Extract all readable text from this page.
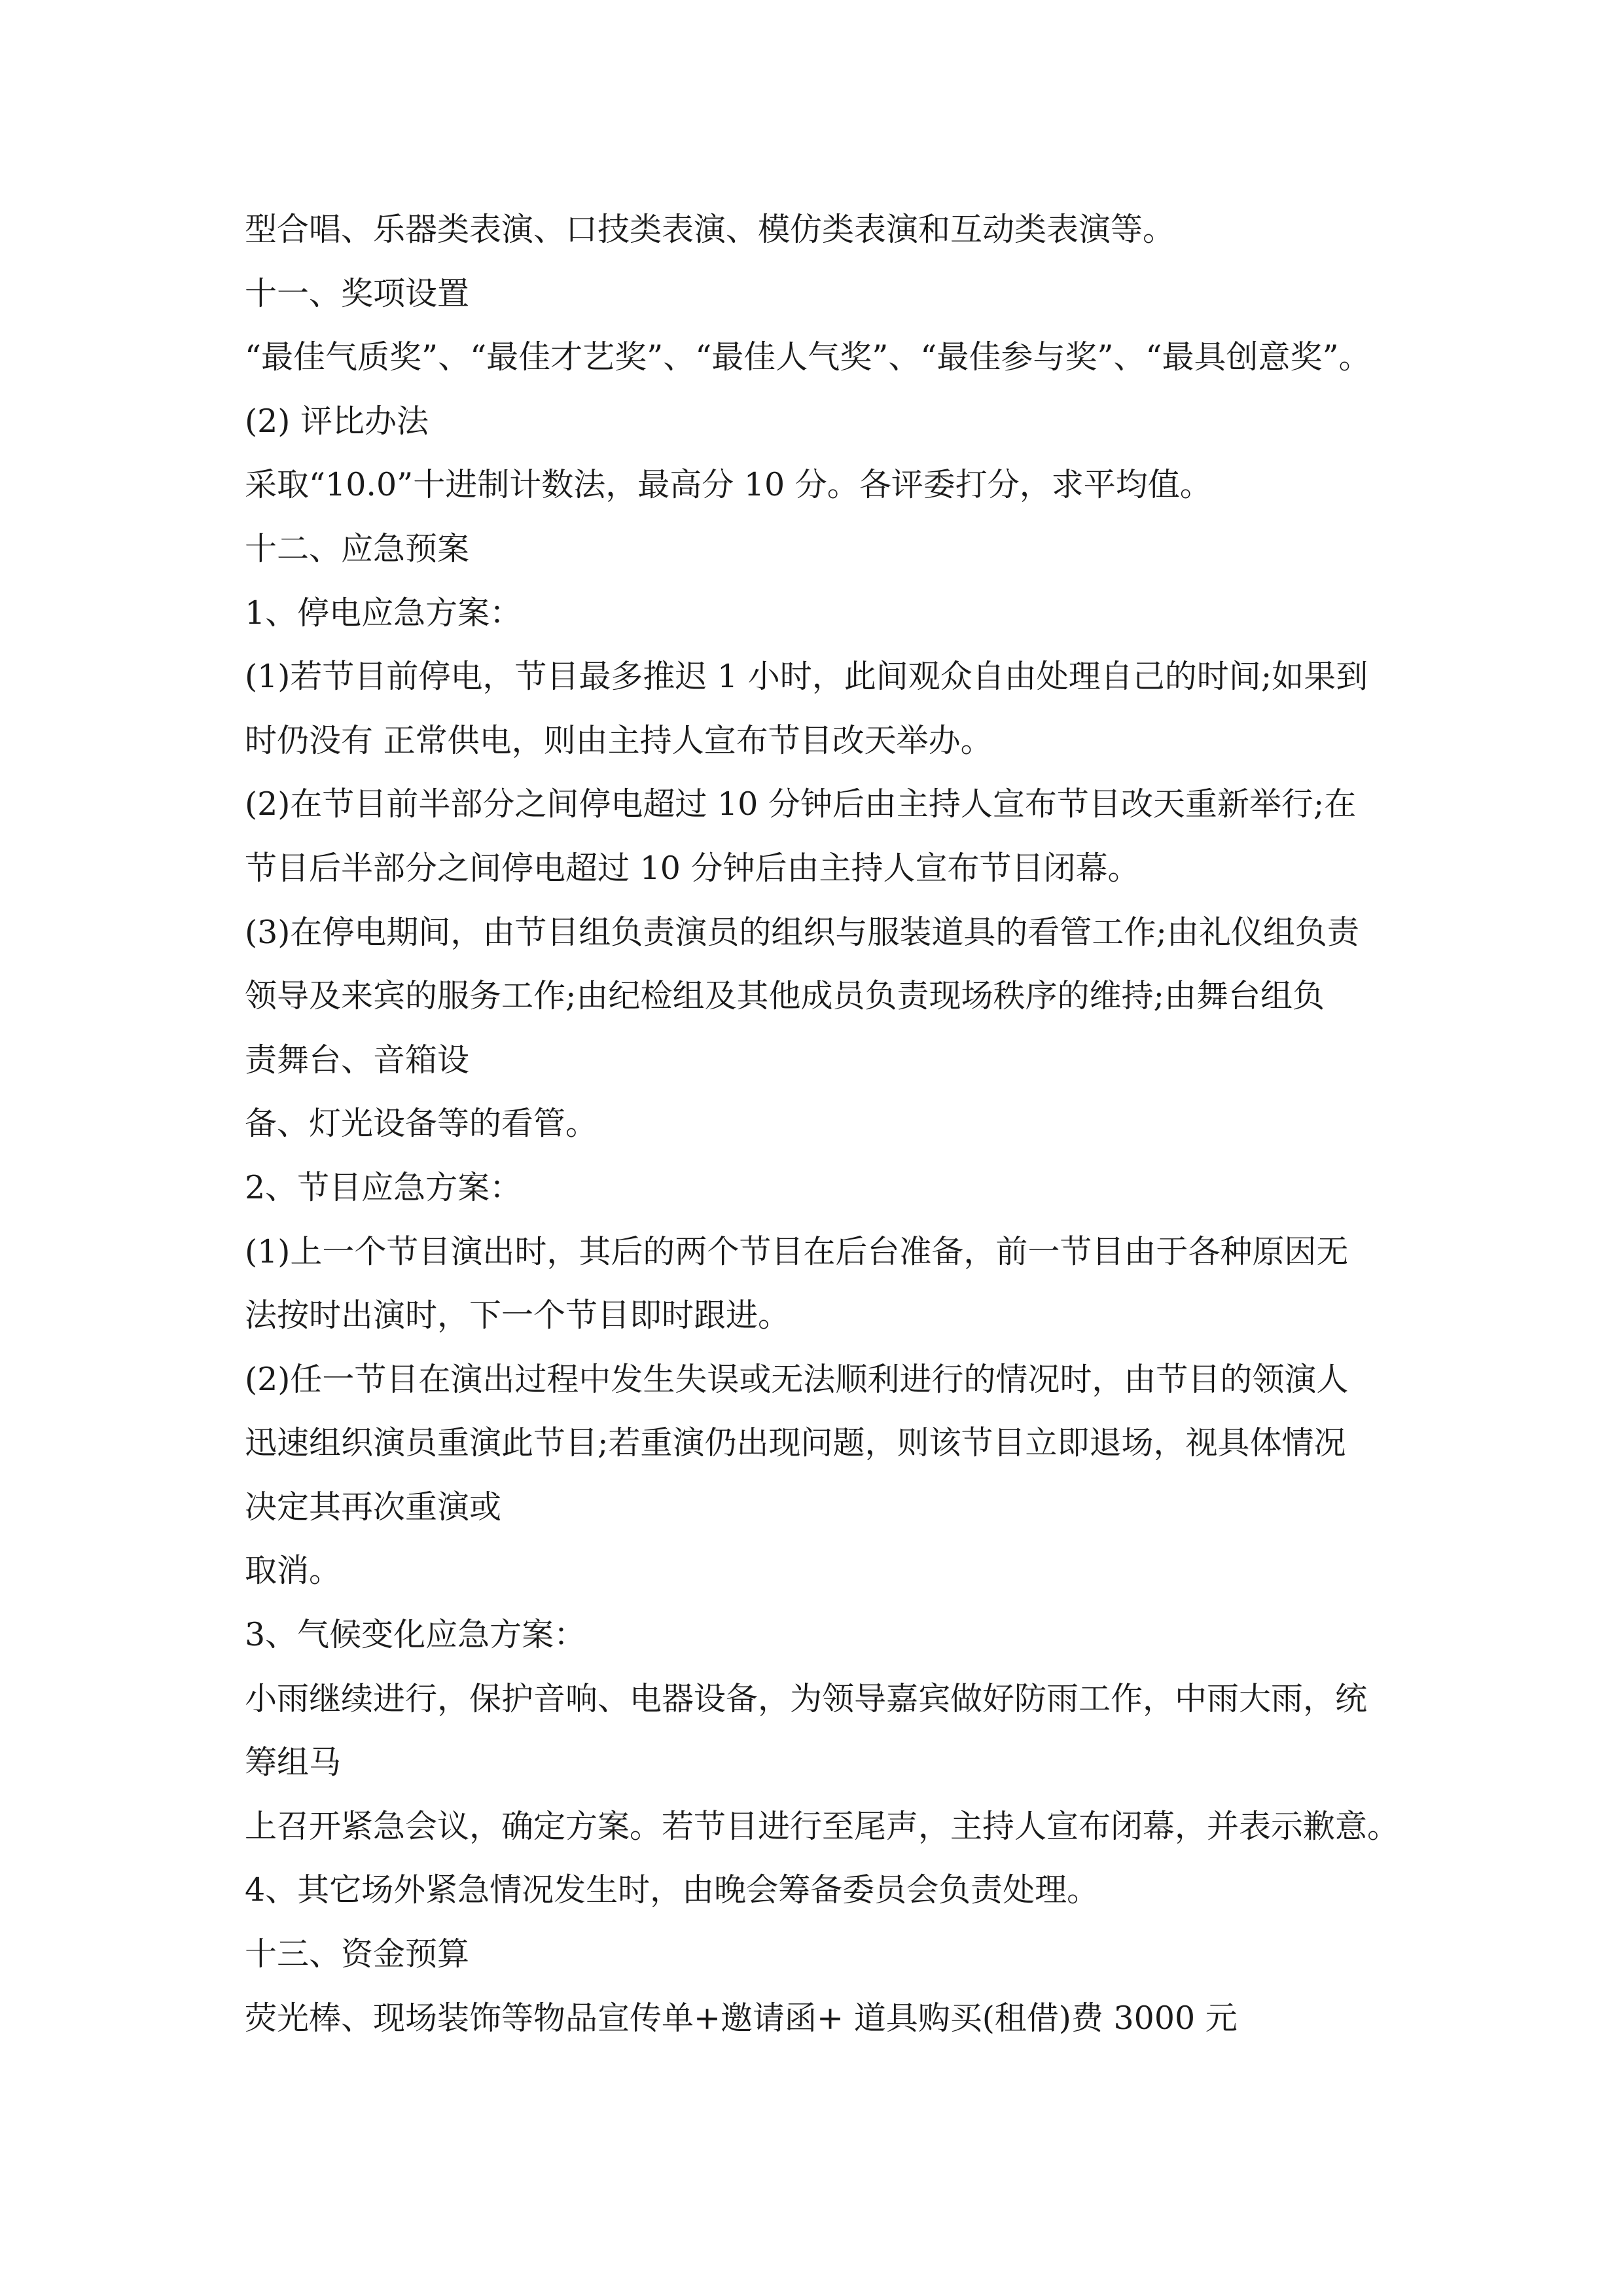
型合唱、乐器类表演、口技类表演、模仿类表演和互动类表演等。
十一、奖项设置
“最佳气质奖”、“最佳才艺奖”、“最佳人气奖”、“最佳参与奖”、“最具创意奖”。
(2) 评比办法
采取“10.0”十进制计数法，最高分 10 分。各评委打分，求平均值。
十二、应急预案
1、停电应急方案：
(1)若节目前停电，节目最多推迟 1 小时，此间观众自由处理自己的时间;如果到
时仍没有 正常供电，则由主持人宣布节目改天举办。
(2)在节目前半部分之间停电超过 10 分钟后由主持人宣布节目改天重新举行;在
节目后半部分之间停电超过 10 分钟后由主持人宣布节目闭幕。
(3)在停电期间，由节目组负责演员的组织与服装道具的看管工作;由礼仪组负责
领导及来宾的服务工作;由纪检组及其他成员负责现场秩序的维持;由舞台组负
责舞台、音箱设
备、灯光设备等的看管。
2、节目应急方案：
(1)上一个节目演出时，其后的两个节目在后台准备，前一节目由于各种原因无
法按时出演时，下一个节目即时跟进。
(2)任一节目在演出过程中发生失误或无法顺利进行的情况时，由节目的领演人
迅速组织演员重演此节目;若重演仍出现问题，则该节目立即退场，视具体情况
决定其再次重演或
取消。
3、气候变化应急方案：
小雨继续进行，保护音响、电器设备，为领导嘉宾做好防雨工作，中雨大雨，统
筹组马
上召开紧急会议，确定方案。若节目进行至尾声，主持人宣布闭幕，并表示歉意。
4、其它场外紧急情况发生时，由晚会筹备委员会负责处理。
十三、资金预算
荧光棒、现场装饰等物品宣传单+邀请函+ 道具购买(租借)费 3000 元
